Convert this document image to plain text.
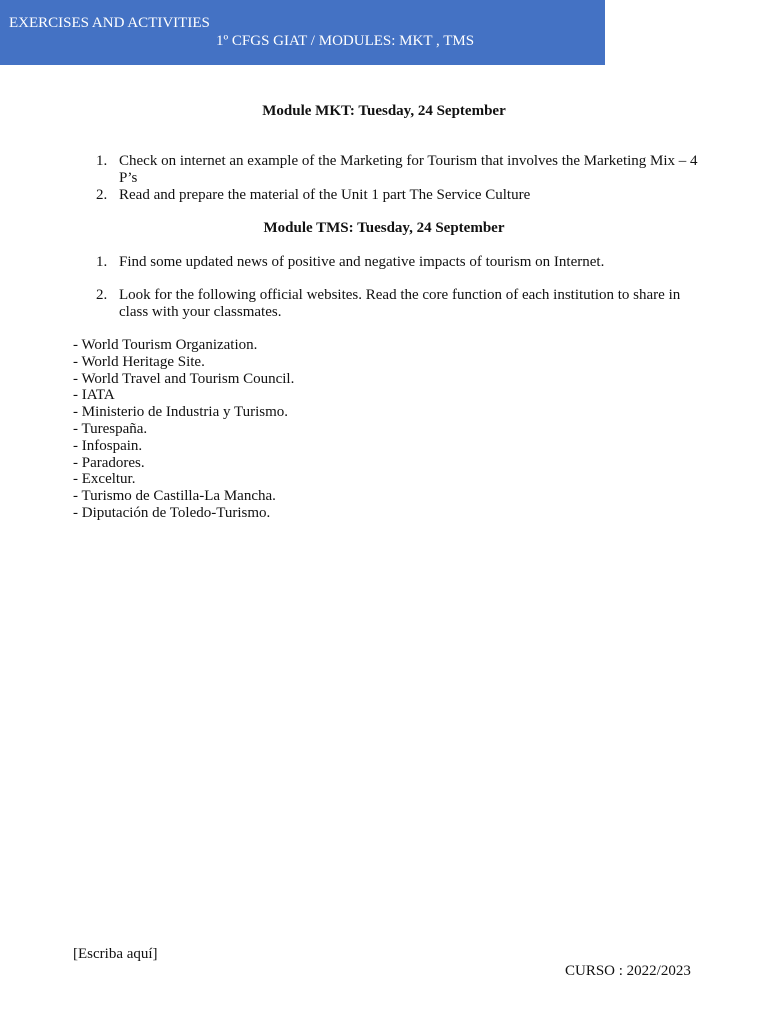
EXERCISES AND ACTIVITIES
1º CFGS GIAT / MODULES: MKT , TMS
Module MKT: Tuesday, 24 September
1. Check on internet an example of the Marketing for Tourism that involves the Marketing Mix – 4 P’s
2. Read and prepare the material of the Unit 1 part The Service Culture
Module TMS: Tuesday, 24 September
1. Find some updated news of positive and negative impacts of tourism on Internet.
2. Look for the following official websites. Read the core function of each institution to share in class with your classmates.
- World Tourism Organization.
- World Heritage Site.
- World Travel and Tourism Council.
- IATA
- Ministerio de Industria y Turismo.
- Turespaña.
- Infospain.
- Paradores.
- Exceltur.
- Turismo de Castilla-La Mancha.
- Diputación de Toledo-Turismo.
[Escriba aquí]
CURSO : 2022/2023
